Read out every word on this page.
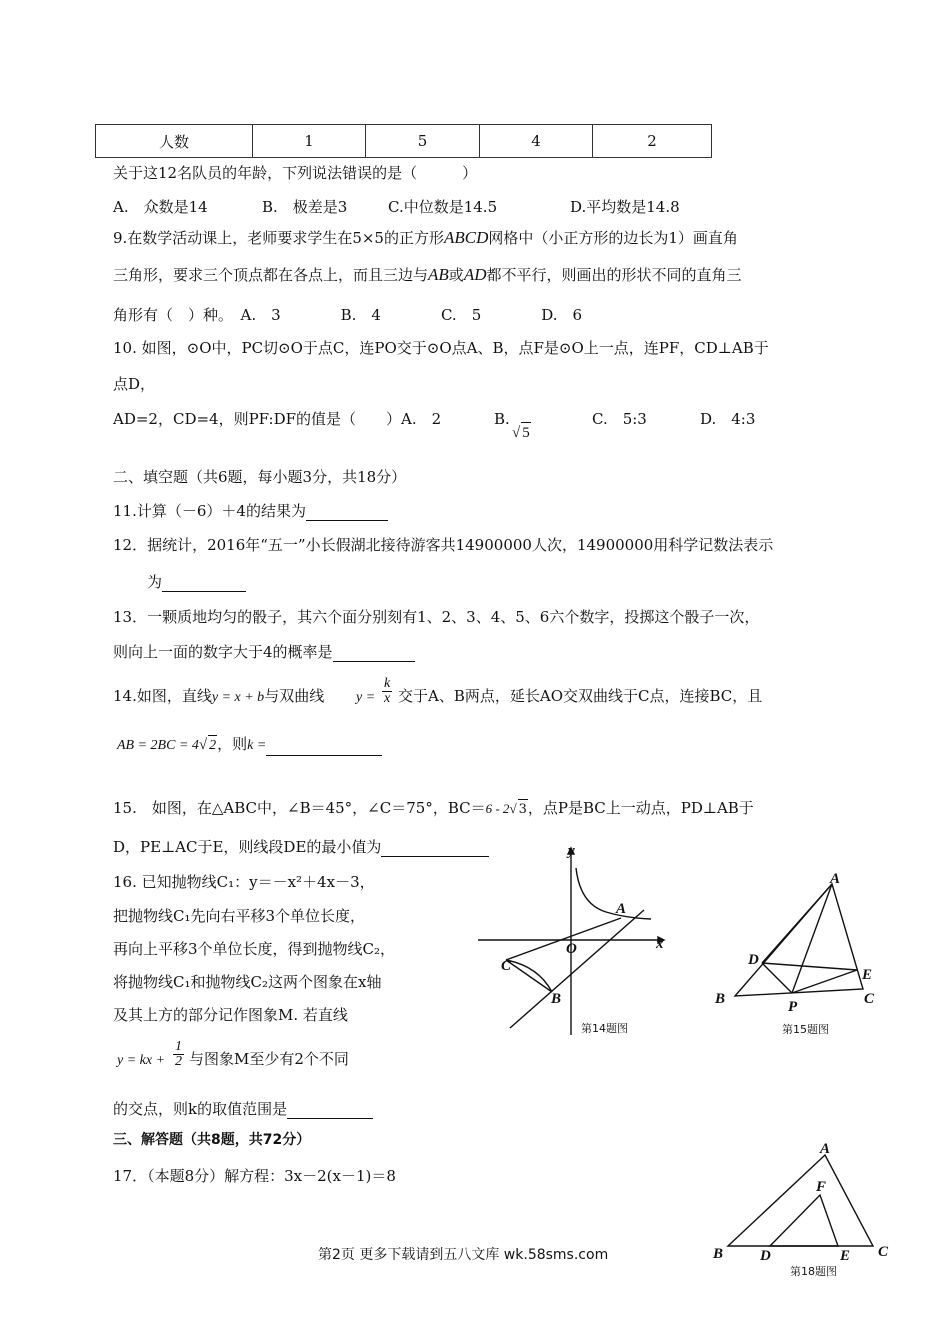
人数	1	5	4	2
关于这12名队员的年龄，下列说法错误的是（　　　）
A.　众数是14	B.　极差是3	C.中位数是14.5	D.平均数是14.8
9.在数学活动课上，老师要求学生在5×5的正方形ABCD网格中（小正方形的边长为1）画直角
三角形，要求三个顶点都在各点上，而且三边与AB或AD都不平行，则画出的形状不同的直角三
角形有（　）种。　A.　3　　　　B.　4　　　　C.　5　　　　D.　6
10. 如图，⊙O中，PC切⊙O于点C，连PO交于⊙O点A、B，点F是⊙O上一点，连PF，CD⊥AB于
点D，
AD=2，CD=4，则PF:DF的值是（　　）A.　2	B.
√ 5
C.　5:3	D.　4:3
二、填空题（共6题，每小题3分，共18分）
11.计算（－6）＋4的结果为
12．据统计，2016年“五一”小长假湖北接待游客共14900000人次，14900000用科学记数法表示
为
13．一颗质地均匀的骰子，其六个面分别刻有1、2、3、4、5、6六个数字，投掷这个骰子一次，
则向上一面的数字大于4的概率是
14.如图，直线y = x + b与双曲线 $y = \frac{k}{x}$ 交于A、B两点，延长AO交双曲线于C点，连接BC，且
AB = 2BC = 4√ 2，则k =
15.　如图，在△ABC中，∠B＝45°，∠C＝75°，BC＝6 - 2√ 3，点P是BC上一动点，PD⊥AB于
D，PE⊥AC于E，则线段DE的最小值为
16. 已知抛物线C₁：y＝－x²＋4x－3，
把抛物线C₁先向右平移3个单位长度，
再向上平移3个单位长度，得到抛物线C₂，
将抛物线C₁和抛物线C₂这两个图象在x轴
及其上方的部分记作图象M. 若直线
y = kx + $\frac{1}{2}$ 与图象M至少有2个不同
的交点，则k的取值范围是
三、解答题（共8题，共72分）
17．（本题8分）解方程：3x－2(x－1)＝8
第2页 更多下载请到五八文库 wk.58sms.com
y
x
O
A
B
C
第14题图
A
B	C
D
E
P
第15题图
A
B	C
D	E
F
第18题图
